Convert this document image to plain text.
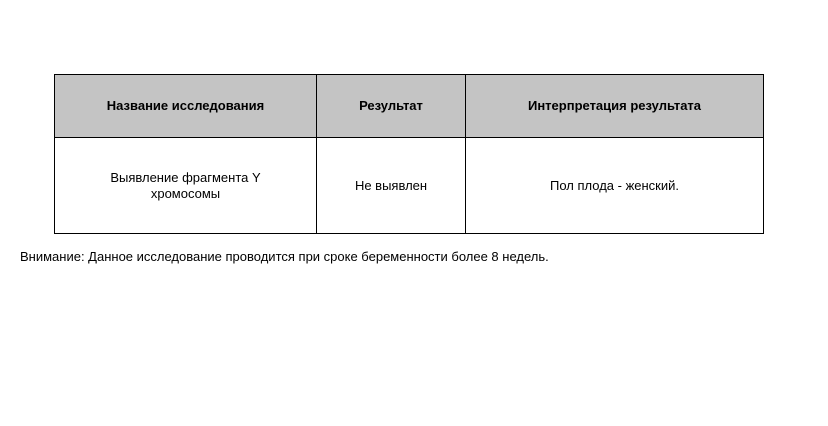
Название исследования	Результат	Интерпретация результата
Выявление фрагмента Y хромосомы	Не выявлен	Пол плода - женский.
Внимание: Данное исследование проводится при сроке беременности более 8 недель.
